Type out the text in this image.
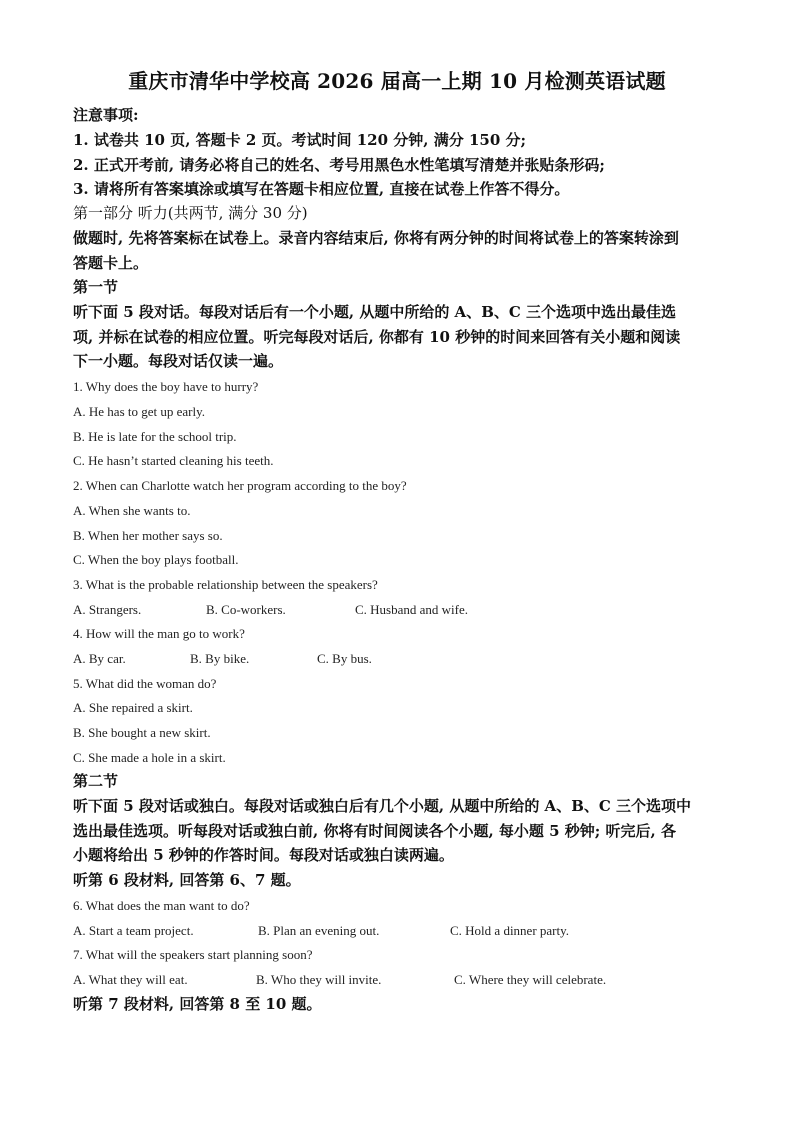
重庆市清华中学校高 2026 届高一上期 10 月检测英语试题
注意事项:
1. 试卷共 10 页, 答题卡 2 页。考试时间 120 分钟, 满分 150 分;
2. 正式开考前, 请务必将自己的姓名、考号用黑色水性笔填写清楚并张贴条形码;
3. 请将所有答案填涂或填写在答题卡相应位置, 直接在试卷上作答不得分。
第一部分 听力(共两节, 满分 30 分)
做题时, 先将答案标在试卷上。录音内容结束后, 你将有两分钟的时间将试卷上的答案转涂到
答题卡上。
第一节
听下面 5 段对话。每段对话后有一个小题, 从题中所给的 A、B、C 三个选项中选出最佳选
项, 并标在试卷的相应位置。听完每段对话后, 你都有 10 秒钟的时间来回答有关小题和阅读
下一小题。每段对话仅读一遍。
1. Why does the boy have to hurry?
A. He has to get up early.
B. He is late for the school trip.
C. He hasn’t started cleaning his teeth.
2. When can Charlotte watch her program according to the boy?
A. When she wants to.
B. When her mother says so.
C. When the boy plays football.
3. What is the probable relationship between the speakers?
A. Strangers.	B. Co-workers.	C. Husband and wife.
4. How will the man go to work?
A. By car.	B. By bike.	C. By bus.
5. What did the woman do?
A. She repaired a skirt.
B. She bought a new skirt.
C. She made a hole in a skirt.
第二节
听下面 5 段对话或独白。每段对话或独白后有几个小题, 从题中所给的 A、B、C 三个选项中
选出最佳选项。听每段对话或独白前, 你将有时间阅读各个小题, 每小题 5 秒钟; 听完后, 各
小题将给出 5 秒钟的作答时间。每段对话或独白读两遍。
听第 6 段材料, 回答第 6、7 题。
6. What does the man want to do?
A. Start a team project.	B. Plan an evening out.	C. Hold a dinner party.
7. What will the speakers start planning soon?
A. What they will eat.	B. Who they will invite.	C. Where they will celebrate.
听第 7 段材料, 回答第 8 至 10 题。
